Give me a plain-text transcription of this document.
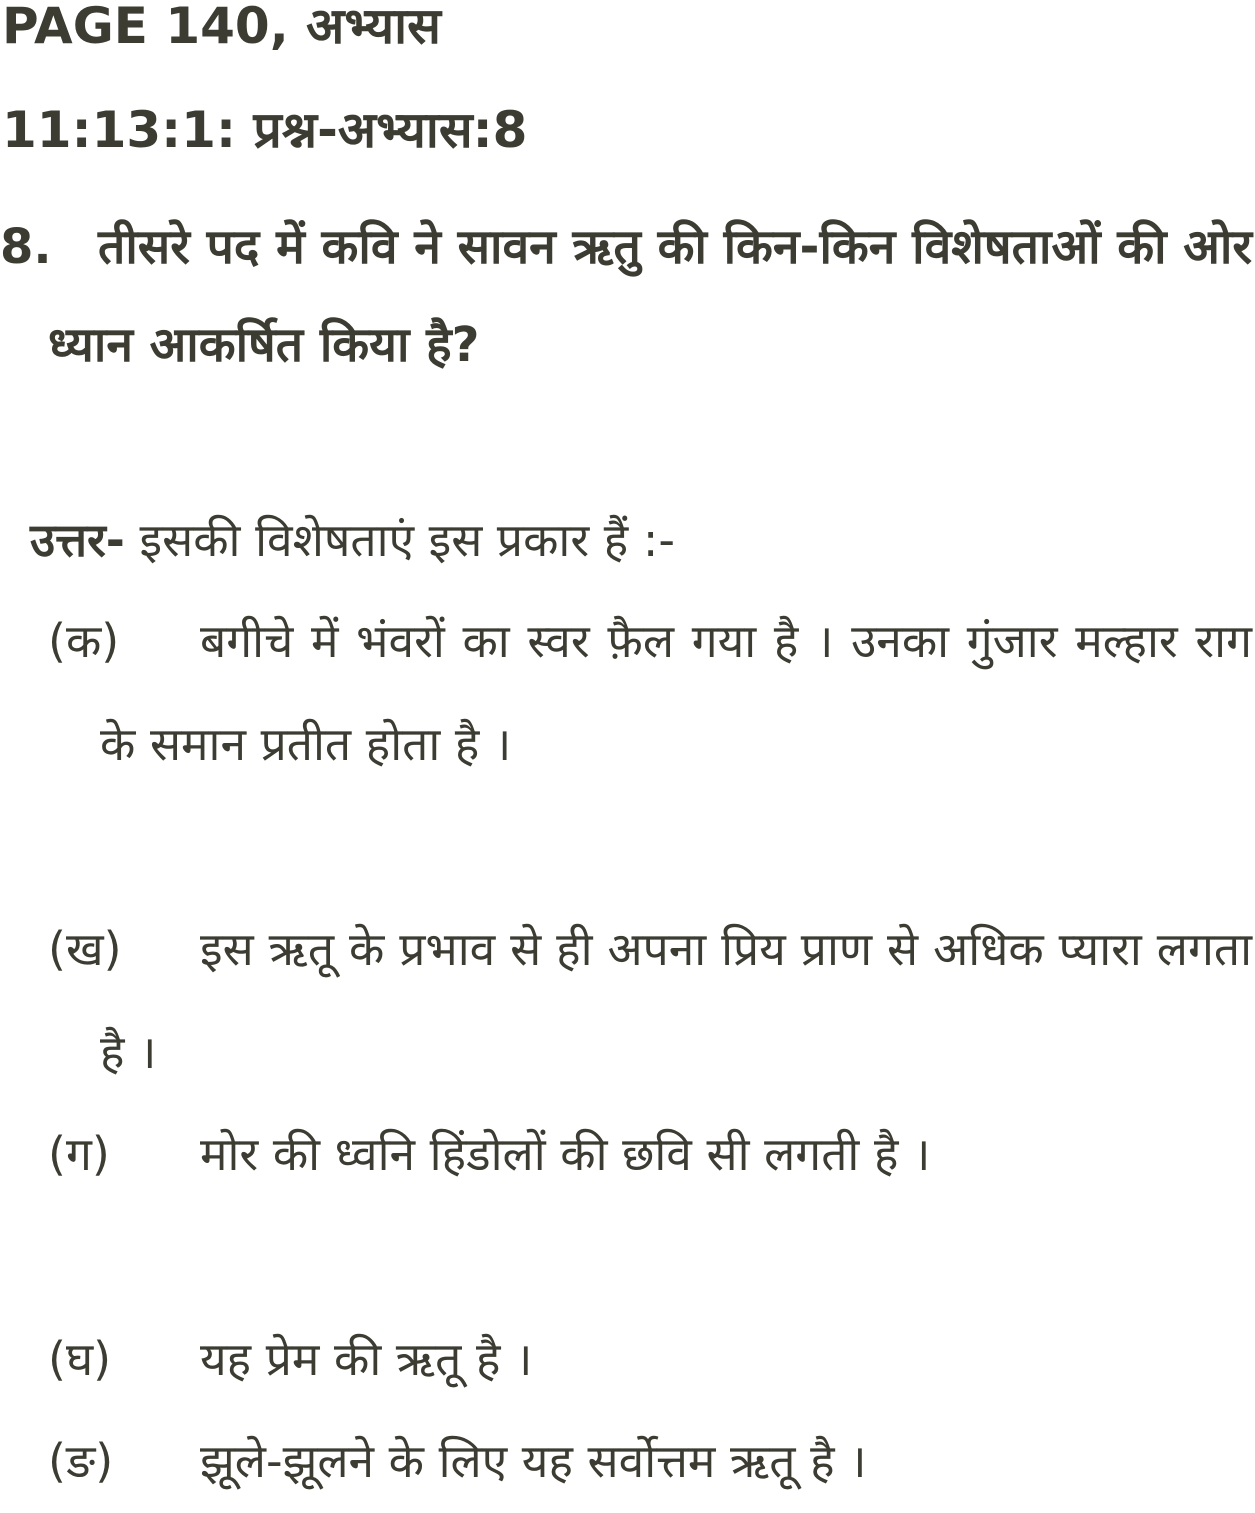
PAGE 140, अभ्यास
11:13:1: प्रश्न-अभ्यास:8
8. तीसरे पद में कवि ने सावन ऋतु की किन-किन विशेषताओं की ओर ध्यान आकर्षित किया है?
उत्तर- इसकी विशेषताएं इस प्रकार हैं :-
(क)	बगीचे में भंवरों का स्वर फ़ैल गया है । उनका गुंजार मल्हार राग के समान प्रतीत होता है ।
(ख)	इस ऋतू के प्रभाव से ही अपना प्रिय प्राण से अधिक प्यारा लगता है ।
(ग)	मोर की ध्वनि हिंडोलों की छवि सी लगती है ।
(घ)	यह प्रेम की ऋतू है ।
(ङ)	झूले-झूलने के लिए यह सर्वोत्तम ऋतू है ।
